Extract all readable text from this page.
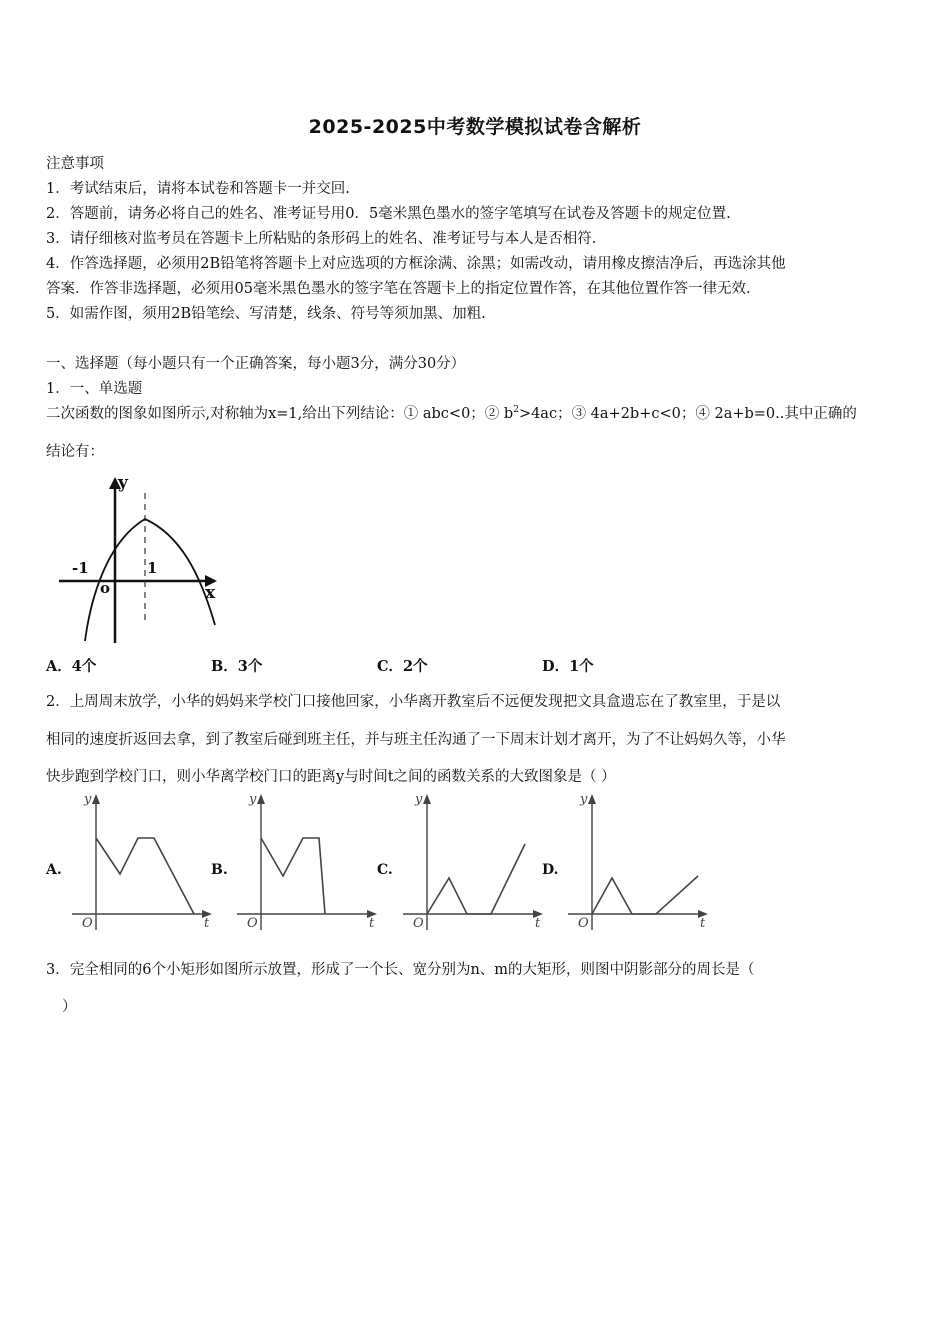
2025-2025中考数学模拟试卷含解析
注意事项
1．考试结束后，请将本试卷和答题卡一并交回.
2．答题前，请务必将自己的姓名、准考证号用0．5毫米黑色墨水的签字笔填写在试卷及答题卡的规定位置.
3．请仔细核对监考员在答题卡上所粘贴的条形码上的姓名、准考证号与本人是否相符.
4．作答选择题，必须用2B铅笔将答题卡上对应选项的方框涂满、涂黑；如需改动，请用橡皮擦洁净后，再选涂其他
答案．作答非选择题，必须用05毫米黑色墨水的签字笔在答题卡上的指定位置作答，在其他位置作答一律无效.
5．如需作图，须用2B铅笔绘、写清楚，线条、符号等须加黑、加粗.
一、选择题（每小题只有一个正确答案，每小题3分，满分30分）
1．一、单选题
二次函数的图象如图所示,对称轴为x=1,给出下列结论：① abc<0；② $b^2>4ac$；③ 4a+2b+c<0；④ 2a+b=0..其中正确的
结论有：
y
x
o
-1	1
A．4个	B．3个	C．2个	D．1个
2．上周周末放学，小华的妈妈来学校门口接他回家，小华离开教室后不远便发现把文具盒遗忘在了教室里，于是以
相同的速度折返回去拿，到了教室后碰到班主任，并与班主任沟通了一下周末计划才离开，为了不让妈妈久等，小华
快步跑到学校门口，则小华离学校门口的距离y与时间t之间的函数关系的大致图象是（ ）
A.
y
t
O
B.
y
t
O
C.
y
t
O
D.
y
t
O
3．完全相同的6个小矩形如图所示放置，形成了一个长、宽分别为n、m的大矩形，则图中阴影部分的周长是（
）
